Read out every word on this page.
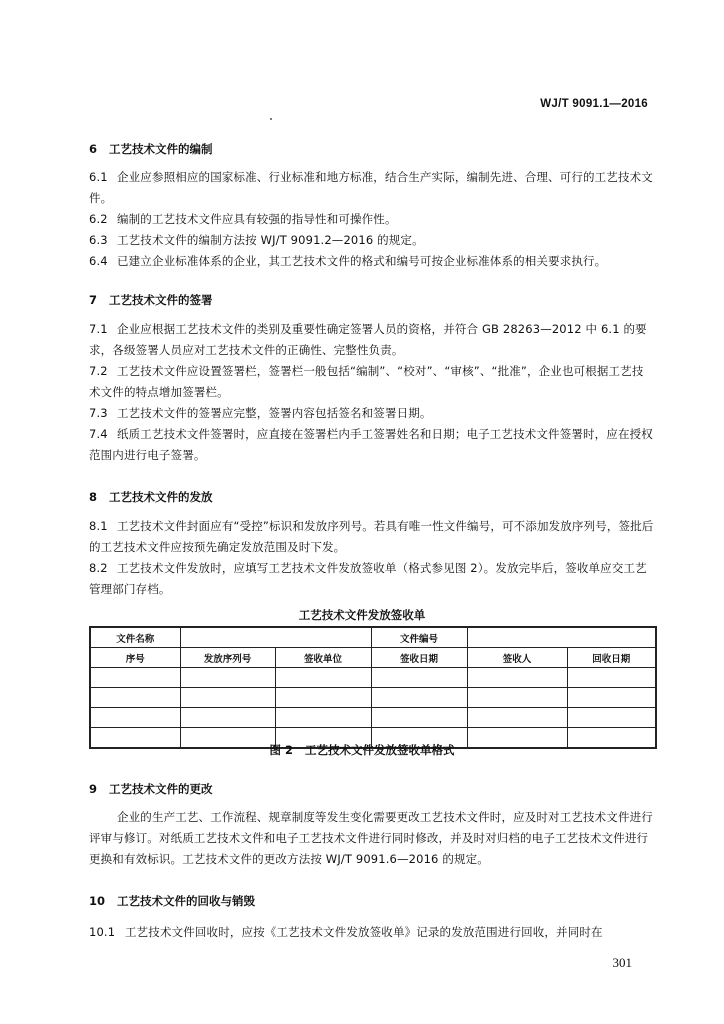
WJ/T 9091.1—2016
6   工艺技术文件的编制
6.1 企业应参照相应的国家标准、行业标准和地方标准，结合生产实际，编制先进、合理、可行的工艺技术文件。
6.2 编制的工艺技术文件应具有较强的指导性和可操作性。
6.3 工艺技术文件的编制方法按 WJ/T 9091.2—2016 的规定。
6.4 已建立企业标准体系的企业，其工艺技术文件的格式和编号可按企业标准体系的相关要求执行。
7   工艺技术文件的签署
7.1 企业应根据工艺技术文件的类别及重要性确定签署人员的资格，并符合 GB 28263—2012 中 6.1 的要求，各级签署人员应对工艺技术文件的正确性、完整性负责。
7.2 工艺技术文件应设置签署栏，签署栏一般包括“编制”、“校对”、“审核”、“批准”，企业也可根据工艺技术文件的特点增加签署栏。
7.3 工艺技术文件的签署应完整，签署内容包括签名和签署日期。
7.4 纸质工艺技术文件签署时，应直接在签署栏内手工签署姓名和日期；电子工艺技术文件签署时，应在授权范围内进行电子签署。
8   工艺技术文件的发放
8.1 工艺技术文件封面应有“受控”标识和发放序列号。若具有唯一性文件编号，可不添加发放序列号，签批后的工艺技术文件应按预先确定发放范围及时下发。
8.2 工艺技术文件发放时，应填写工艺技术文件发放签收单（格式参见图 2）。发放完毕后，签收单应交工艺管理部门存档。
工艺技术文件发放签收单
文件名称			文件编号		
序号	发放序列号	签收单位	签收日期	签收人	回收日期

图 2   工艺技术文件发放签收单格式
9   工艺技术文件的更改
企业的生产工艺、工作流程、规章制度等发生变化需要更改工艺技术文件时，应及时对工艺技术文件进行评审与修订。对纸质工艺技术文件和电子工艺技术文件进行同时修改，并及时对归档的电子工艺技术文件进行更换和有效标识。工艺技术文件的更改方法按 WJ/T 9091.6—2016 的规定。
10   工艺技术文件的回收与销毁
10.1 工艺技术文件回收时，应按《工艺技术文件发放签收单》记录的发放范围进行回收，并同时在
301
